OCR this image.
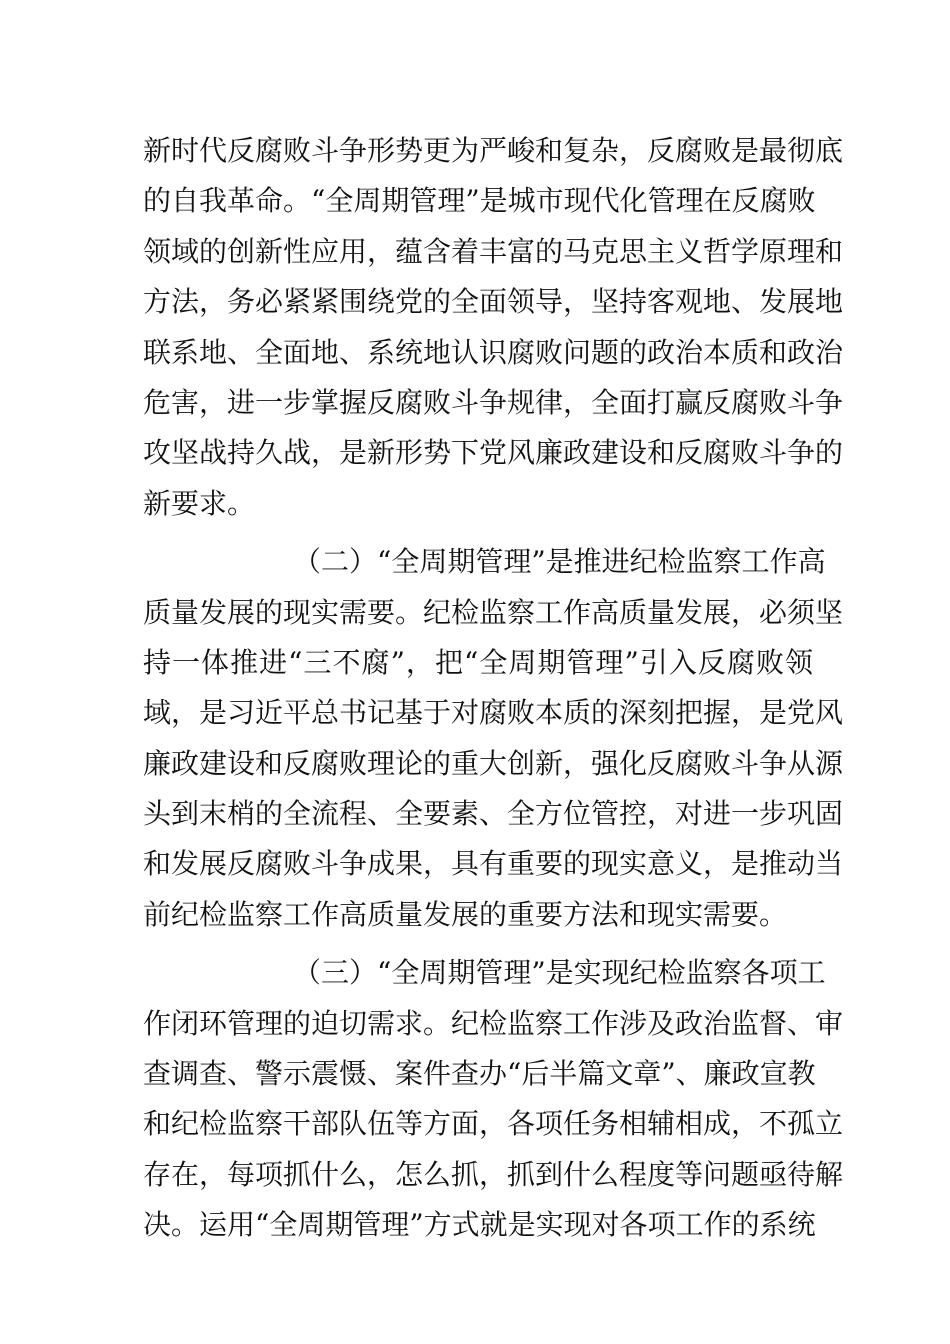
新时代反腐败斗争形势更为严峻和复杂，反腐败是最彻底
的自我革命。“全周期管理”是城市现代化管理在反腐败
领域的创新性应用，蕴含着丰富的马克思主义哲学原理和
方法，务必紧紧围绕党的全面领导，坚持客观地、发展地
联系地、全面地、系统地认识腐败问题的政治本质和政治
危害，进一步掌握反腐败斗争规律，全面打赢反腐败斗争
攻坚战持久战，是新形势下党风廉政建设和反腐败斗争的
新要求。
（二）“全周期管理”是推进纪检监察工作高
质量发展的现实需要。纪检监察工作高质量发展，必须坚
持一体推进“三不腐”，把“全周期管理”引入反腐败领
域，是习近平总书记基于对腐败本质的深刻把握，是党风
廉政建设和反腐败理论的重大创新，强化反腐败斗争从源
头到末梢的全流程、全要素、全方位管控，对进一步巩固
和发展反腐败斗争成果，具有重要的现实意义，是推动当
前纪检监察工作高质量发展的重要方法和现实需要。
（三）“全周期管理”是实现纪检监察各项工
作闭环管理的迫切需求。纪检监察工作涉及政治监督、审
查调查、警示震慑、案件查办“后半篇文章”、廉政宣教
和纪检监察干部队伍等方面，各项任务相辅相成，不孤立
存在，每项抓什么，怎么抓，抓到什么程度等问题亟待解
决。运用“全周期管理”方式就是实现对各项工作的系统
